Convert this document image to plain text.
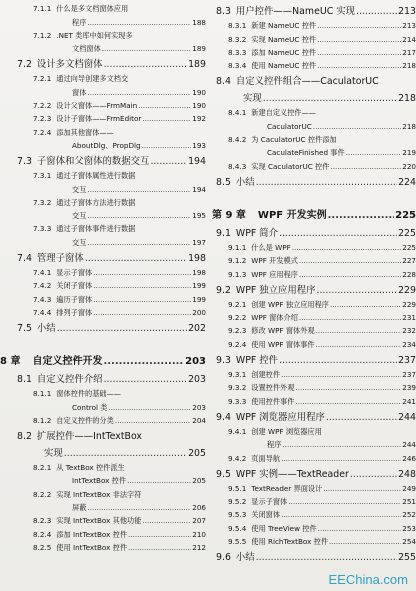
7.1.1 什么是多文档窗体应用
程序 .....	188
7.1.2 .NET 类库中如何实现多
文档窗体 .....	189
7.2 设计多文档窗体 .....	189
7.2.1 通过向导创建多文档交
窗体 .....	190
7.2.2 设计父窗体——FrmMain .....	190
7.2.3 设计子窗体——FrmEditor .....	192
7.2.4 添加其他窗体——
AboutDlg、PropDlg .....	193
7.3 子窗体和父窗体的数据交互 .....	194
7.3.1 通过子窗体属性进行数据
交互 .....	194
7.3.2 通过子窗体方法进行数据
交互 .....	195
7.3.3 通过子窗体事件进行数据
交互 .....	197
7.4 管理子窗体 .....	198
7.4.1 显示子窗体 .....	198
7.4.2 关闭子窗体 .....	199
7.4.3 遍历子窗体 .....	199
7.4.4 排列子窗体 .....	200
7.5 小结 .....	202
8 章 自定义控件开发 .....	203
8.1 自定义控件介绍 .....	203
8.1.1 窗体控件的基础——
Control 类 .....	203
8.1.2 自定义控件的分类 .....	204
8.2 扩展控件——IntTextBox
实现 .....	205
8.2.1 从 TextBox 控件派生
IntTextBox 控件 .....	205
8.2.2 实现 IntTextBox 非法字符
屏蔽 .....	206
8.2.3 实现 IntTextBox 其他功能 .....	207
8.2.4 添加 IntTextBox 控件 .....	210
8.2.5 使用 IntTextBox 控件 .....	212
8.3 用户控件——NameUC 实现 .....	213
8.3.1 新建 NameUC 控件 .....	213
8.3.2 实现 NameUC 控件 .....	214
8.3.3 添加 NameUC 控件 .....	217
8.3.4 使用 NameUC 控件 .....	218
8.4 自定义控件组合——CaculatorUC
实现 .....	218
8.4.1 新建自定义控件——
CaculatorUC .....	218
8.4.2 为 CaculatorUC 控件添加
CaculateFinished 事件 .....	219
8.4.3 实现 CaculatorUC 控件 .....	220
8.5 小结 .....	224
第 9 章 WPF 开发实例 .....	225
9.1 WPF 简介 .....	225
9.1.1 什么是 WPF .....	225
9.1.2 WPF 开发模式 .....	227
9.1.3 WPF 应用程序 .....	228
9.2 WPF 独立应用程序 .....	229
9.2.1 创建 WPF 独立应用程序 .....	229
9.2.2 WPF 窗体介绍 .....	231
9.2.3 修改 WPF 窗体外观 .....	232
9.2.4 使用 WPF 窗体事件 .....	234
9.3 WPF 控件 .....	237
9.3.1 创建控件 .....	237
9.3.2 设置控件外观 .....	239
9.3.3 使用控件事件 .....	241
9.4 WPF 浏览器应用程序 .....	244
9.4.1 创建 WPF 浏览器应用
程序 .....	244
9.4.2 页面导航 .....	246
9.5 WPF 实例——TextReader .....	248
9.5.1 TextReader 界面设计 .....	249
9.5.2 显示子窗体 .....	251
9.5.3 关闭窗体 .....	252
9.5.4 使用 TreeView 控件 .....	253
9.5.5 使用 RichTextBox 控件 .....	254
9.6 小结 .....	255
EEChina.com
